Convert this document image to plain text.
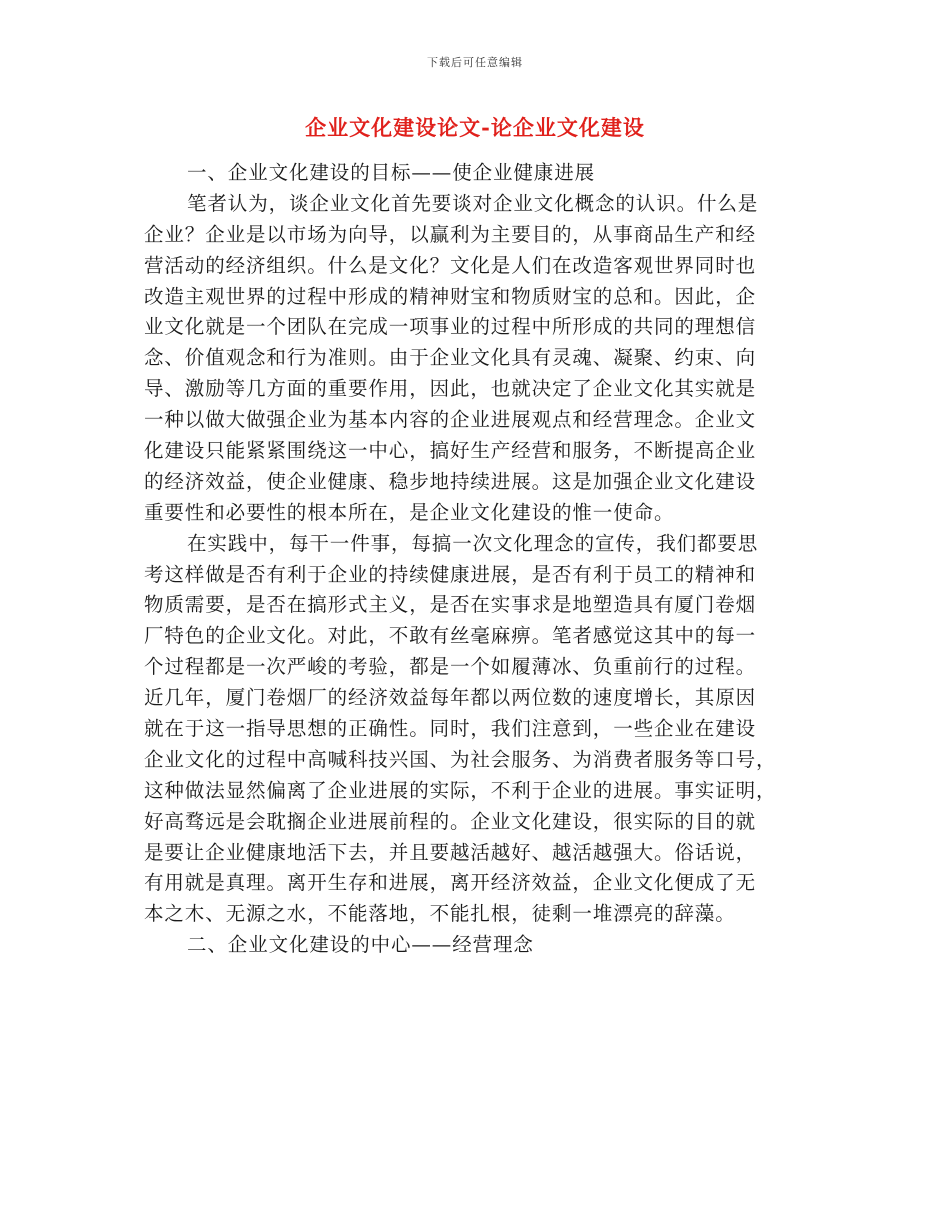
下载后可任意编辑
企业文化建设论文-论企业文化建设
一、企业文化建设的目标——使企业健康进展
笔者认为，谈企业文化首先要谈对企业文化概念的认识。什么是
企业？企业是以市场为向导，以赢利为主要目的，从事商品生产和经
营活动的经济组织。什么是文化？文化是人们在改造客观世界同时也
改造主观世界的过程中形成的精神财宝和物质财宝的总和。因此，企
业文化就是一个团队在完成一项事业的过程中所形成的共同的理想信
念、价值观念和行为准则。由于企业文化具有灵魂、凝聚、约束、向
导、激励等几方面的重要作用，因此，也就决定了企业文化其实就是
一种以做大做强企业为基本内容的企业进展观点和经营理念。企业文
化建设只能紧紧围绕这一中心，搞好生产经营和服务，不断提高企业
的经济效益，使企业健康、稳步地持续进展。这是加强企业文化建设
重要性和必要性的根本所在，是企业文化建设的惟一使命。
在实践中，每干一件事，每搞一次文化理念的宣传，我们都要思
考这样做是否有利于企业的持续健康进展，是否有利于员工的精神和
物质需要，是否在搞形式主义，是否在实事求是地塑造具有厦门卷烟
厂特色的企业文化。对此，不敢有丝毫麻痹。笔者感觉这其中的每一
个过程都是一次严峻的考验，都是一个如履薄冰、负重前行的过程。
近几年，厦门卷烟厂的经济效益每年都以两位数的速度增长，其原因
就在于这一指导思想的正确性。同时，我们注意到，一些企业在建设
企业文化的过程中高喊科技兴国、为社会服务、为消费者服务等口号，
这种做法显然偏离了企业进展的实际，不利于企业的进展。事实证明，
好高骛远是会耽搁企业进展前程的。企业文化建设，很实际的目的就
是要让企业健康地活下去，并且要越活越好、越活越强大。俗话说，
有用就是真理。离开生存和进展，离开经济效益，企业文化便成了无
本之木、无源之水，不能落地，不能扎根，徒剩一堆漂亮的辞藻。
二、企业文化建设的中心——经营理念
